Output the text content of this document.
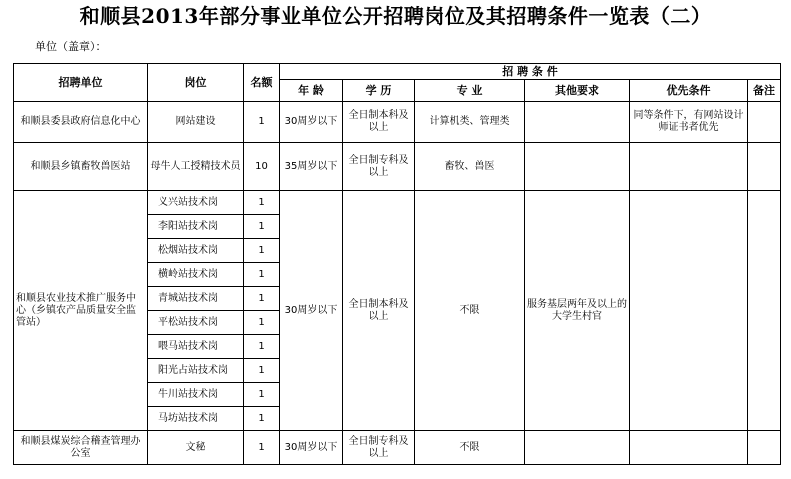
和顺县2013年部分事业单位公开招聘岗位及其招聘条件一览表（二）
单位（盖章）：
招聘单位	岗位	名额	招 聘 条 件					
			年 龄	学 历	专 业	其他要求	优先条件	备注
和顺县委县政府信息化中心	网站建设	1	30周岁以下	全日制本科及以上	计算机类、管理类		同等条件下，有网站设计师证书者优先	
和顺县乡镇畜牧兽医站	母牛人工授精技术员	10	35周岁以下	全日制专科及以上	畜牧、兽医			
和顺县农业技术推广服务中心（乡镇农产品质量安全监管站）	义兴站技术岗	1	30周岁以下	全日制本科及以上	不限	服务基层两年及以上的大学生村官		
	李阳站技术岗	1						
	松烟站技术岗	1						
	横岭站技术岗	1						
	青城站技术岗	1						
	平松站技术岗	1						
	喂马站技术岗	1						
	阳光占站技术岗	1						
	牛川站技术岗	1						
	马坊站技术岗	1						
和顺县煤炭综合稽查管理办公室	文秘	1	30周岁以下	全日制专科及以上	不限			
